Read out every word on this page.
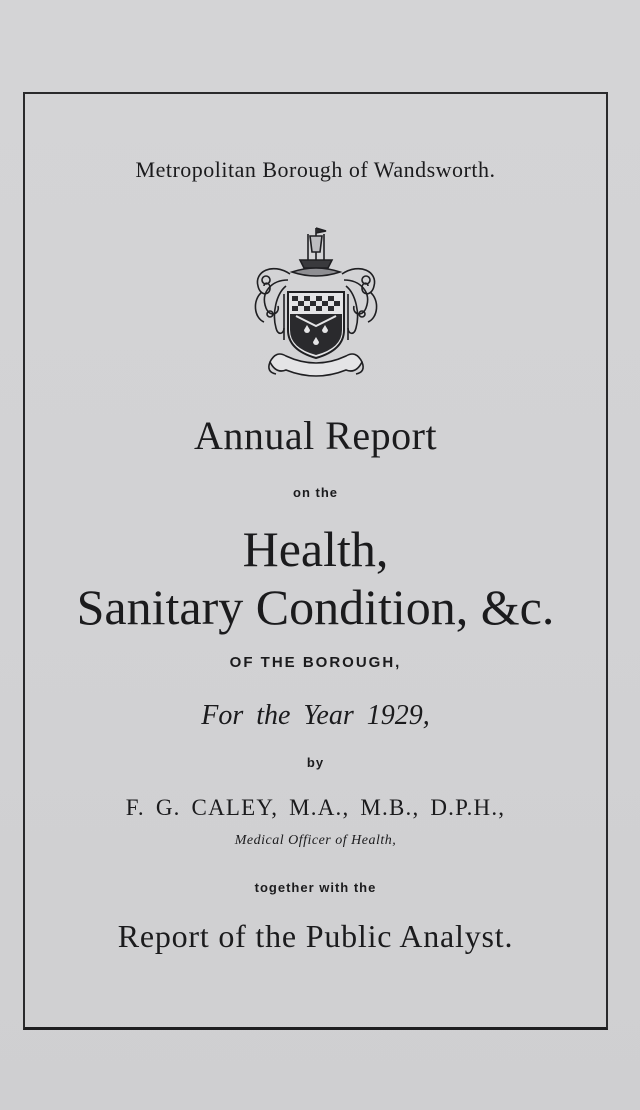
Metropolitan Borough of Wandsworth.
Annual Report
on the
Health,
Sanitary Condition, &c.
OF THE BOROUGH,
For the Year 1929,
by
F. G. CALEY, M.A., M.B., D.P.H.,
Medical Officer of Health,
together with the
Report of the Public Analyst.
